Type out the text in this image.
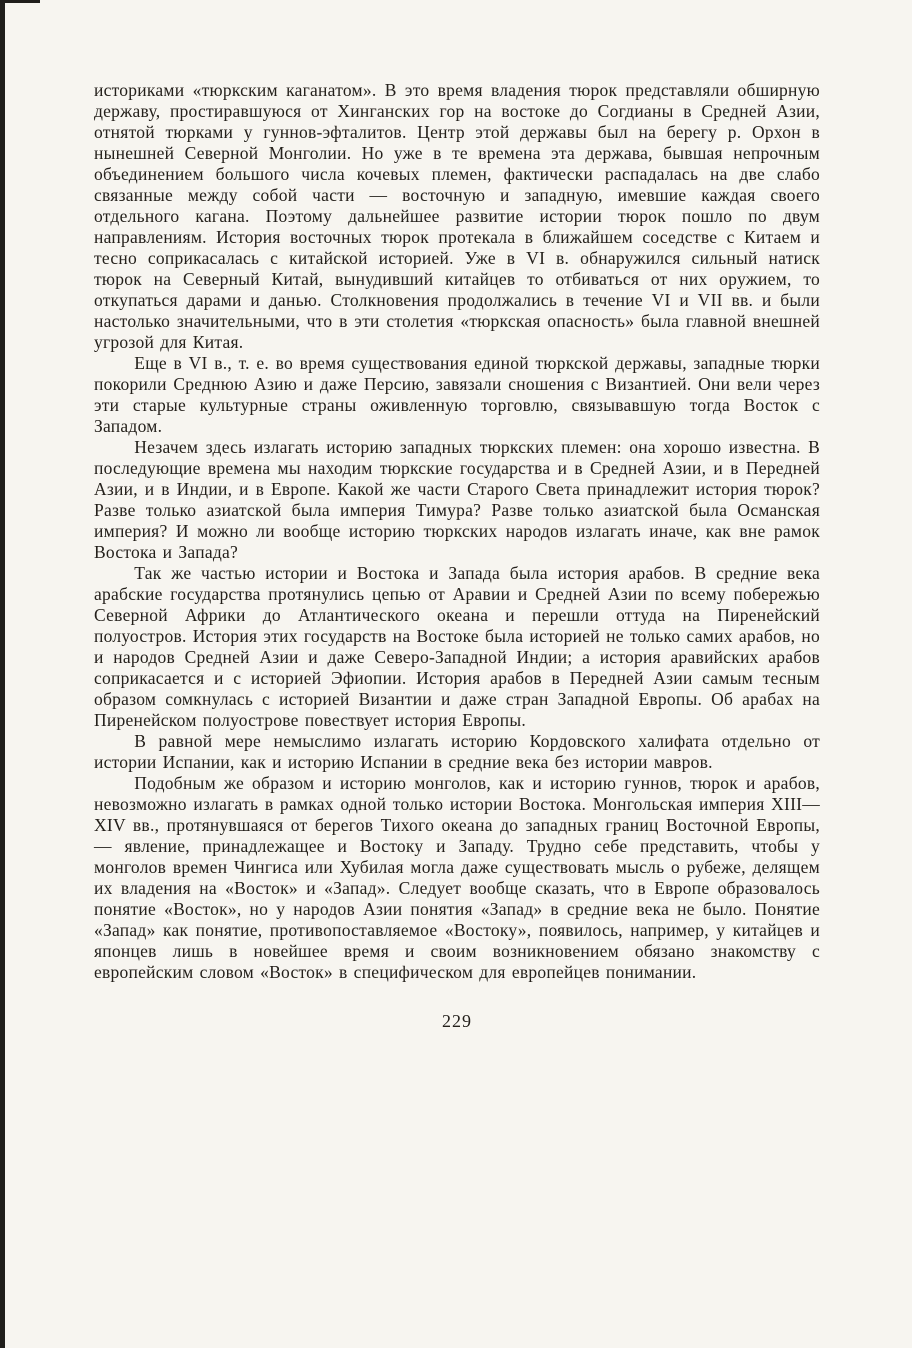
историками «тюркским каганатом». В это время владения тюрок представляли обширную державу, простиравшуюся от Хинганских гор на востоке до Согдианы в Средней Азии, отнятой тюрками у гуннов-эфталитов. Центр этой державы был на берегу р. Орхон в нынешней Северной Монголии. Но уже в те времена эта держава, бывшая непрочным объединением большого числа кочевых племен, фактически распадалась на две слабо связанные между собой части — восточную и западную, имевшие каждая своего отдельного кагана. Поэтому дальнейшее развитие истории тюрок пошло по двум направлениям. История восточных тюрок протекала в ближайшем соседстве с Китаем и тесно соприкасалась с китайской историей. Уже в VI в. обнаружился сильный натиск тюрок на Северный Китай, вынудивший китайцев то отбиваться от них оружием, то откупаться дарами и данью. Столкновения продолжались в течение VI и VII вв. и были настолько значительными, что в эти столетия «тюркская опасность» была главной внешней угрозой для Китая.

Еще в VI в., т. е. во время существования единой тюркской державы, западные тюрки покорили Среднюю Азию и даже Персию, завязали сношения с Византией. Они вели через эти старые культурные страны оживленную торговлю, связывавшую тогда Восток с Западом.

Незачем здесь излагать историю западных тюркских племен: она хорошо известна. В последующие времена мы находим тюркские государства и в Средней Азии, и в Передней Азии, и в Индии, и в Европе. Какой же части Старого Света принадлежит история тюрок? Разве только азиатской была империя Тимура? Разве только азиатской была Османская империя? И можно ли вообще историю тюркских народов излагать иначе, как вне рамок Востока и Запада?

Так же частью истории и Востока и Запада была история арабов. В средние века арабские государства протянулись цепью от Аравии и Средней Азии по всему побережью Северной Африки до Атлантического океана и перешли оттуда на Пиренейский полуостров. История этих государств на Востоке была историей не только самих арабов, но и народов Средней Азии и даже Северо-Западной Индии; а история аравийских арабов соприкасается и с историей Эфиопии. История арабов в Передней Азии самым тесным образом сомкнулась с историей Византии и даже стран Западной Европы. Об арабах на Пиренейском полуострове повествует история Европы.

В равной мере немыслимо излагать историю Кордовского халифата отдельно от истории Испании, как и историю Испании в средние века без истории мавров.

Подобным же образом и историю монголов, как и историю гуннов, тюрок и арабов, невозможно излагать в рамках одной только истории Востока. Монгольская империя XIII—XIV вв., протянувшаяся от берегов Тихого океана до западных границ Восточной Европы,— явление, принадлежащее и Востоку и Западу. Трудно себе представить, чтобы у монголов времен Чингиса или Хубилая могла даже существовать мысль о рубеже, делящем их владения на «Восток» и «Запад». Следует вообще сказать, что в Европе образовалось понятие «Восток», но у народов Азии понятия «Запад» в средние века не было. Понятие «Запад» как понятие, противопоставляемое «Востоку», появилось, например, у китайцев и японцев лишь в новейшее время и своим возникновением обязано знакомству с европейским словом «Восток» в специфическом для европейцев понимании.

229
